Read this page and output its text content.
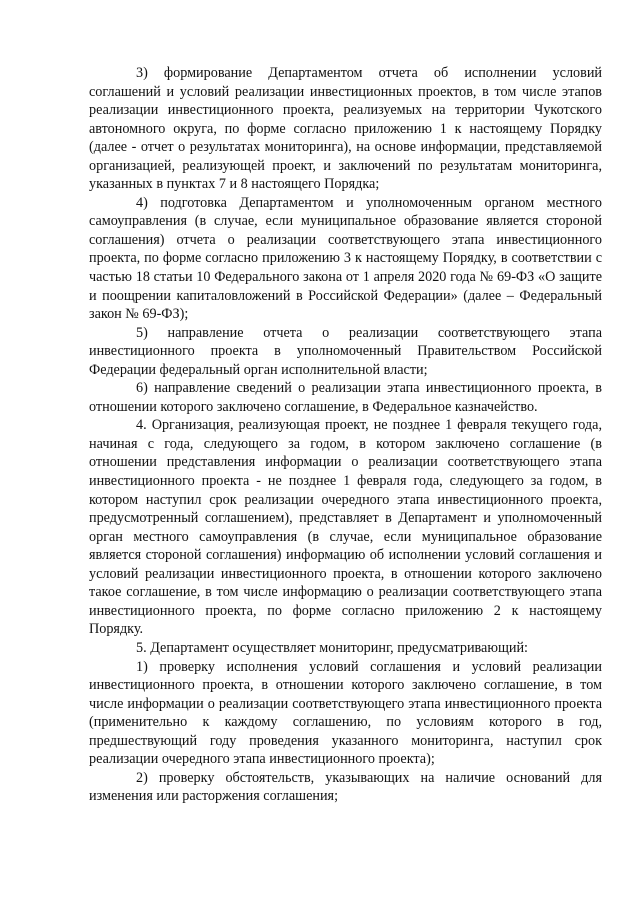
3) формирование Департаментом отчета об исполнении условий соглашений и условий реализации инвестиционных проектов, в том числе этапов реализации инвестиционного проекта, реализуемых на территории Чукотского автономного округа, по форме согласно приложению 1 к настоящему Порядку (далее - отчет о результатах мониторинга), на основе информации, представляемой организацией, реализующей проект, и заключений по результатам мониторинга, указанных в пунктах 7 и 8 настоящего Порядка;

4) подготовка Департаментом и уполномоченным органом местного самоуправления (в случае, если муниципальное образование является стороной соглашения) отчета о реализации соответствующего этапа инвестиционного проекта, по форме согласно приложению 3 к настоящему Порядку, в соответствии с частью 18 статьи 10 Федерального закона от 1 апреля 2020 года № 69-ФЗ «О защите и поощрении капиталовложений в Российской Федерации» (далее – Федеральный закон № 69-ФЗ);

5) направление отчета о реализации соответствующего этапа инвестиционного проекта в уполномоченный Правительством Российской Федерации федеральный орган исполнительной власти;

6) направление сведений о реализации этапа инвестиционного проекта, в отношении которого заключено соглашение, в Федеральное казначейство.

4. Организация, реализующая проект, не позднее 1 февраля текущего года, начиная с года, следующего за годом, в котором заключено соглашение (в отношении представления информации о реализации соответствующего этапа инвестиционного проекта - не позднее 1 февраля года, следующего за годом, в котором наступил срок реализации очередного этапа инвестиционного проекта, предусмотренный соглашением), представляет в Департамент и уполномоченный орган местного самоуправления (в случае, если муниципальное образование является стороной соглашения) информацию об исполнении условий соглашения и условий реализации инвестиционного проекта, в отношении которого заключено такое соглашение, в том числе информацию о реализации соответствующего этапа инвестиционного проекта, по форме согласно приложению 2 к настоящему Порядку.

5. Департамент осуществляет мониторинг, предусматривающий:

1) проверку исполнения условий соглашения и условий реализации инвестиционного проекта, в отношении которого заключено соглашение, в том числе информации о реализации соответствующего этапа инвестиционного проекта (применительно к каждому соглашению, по условиям которого в год, предшествующий году проведения указанного мониторинга, наступил срок реализации очередного этапа инвестиционного проекта);

2) проверку обстоятельств, указывающих на наличие оснований для изменения или расторжения соглашения;
